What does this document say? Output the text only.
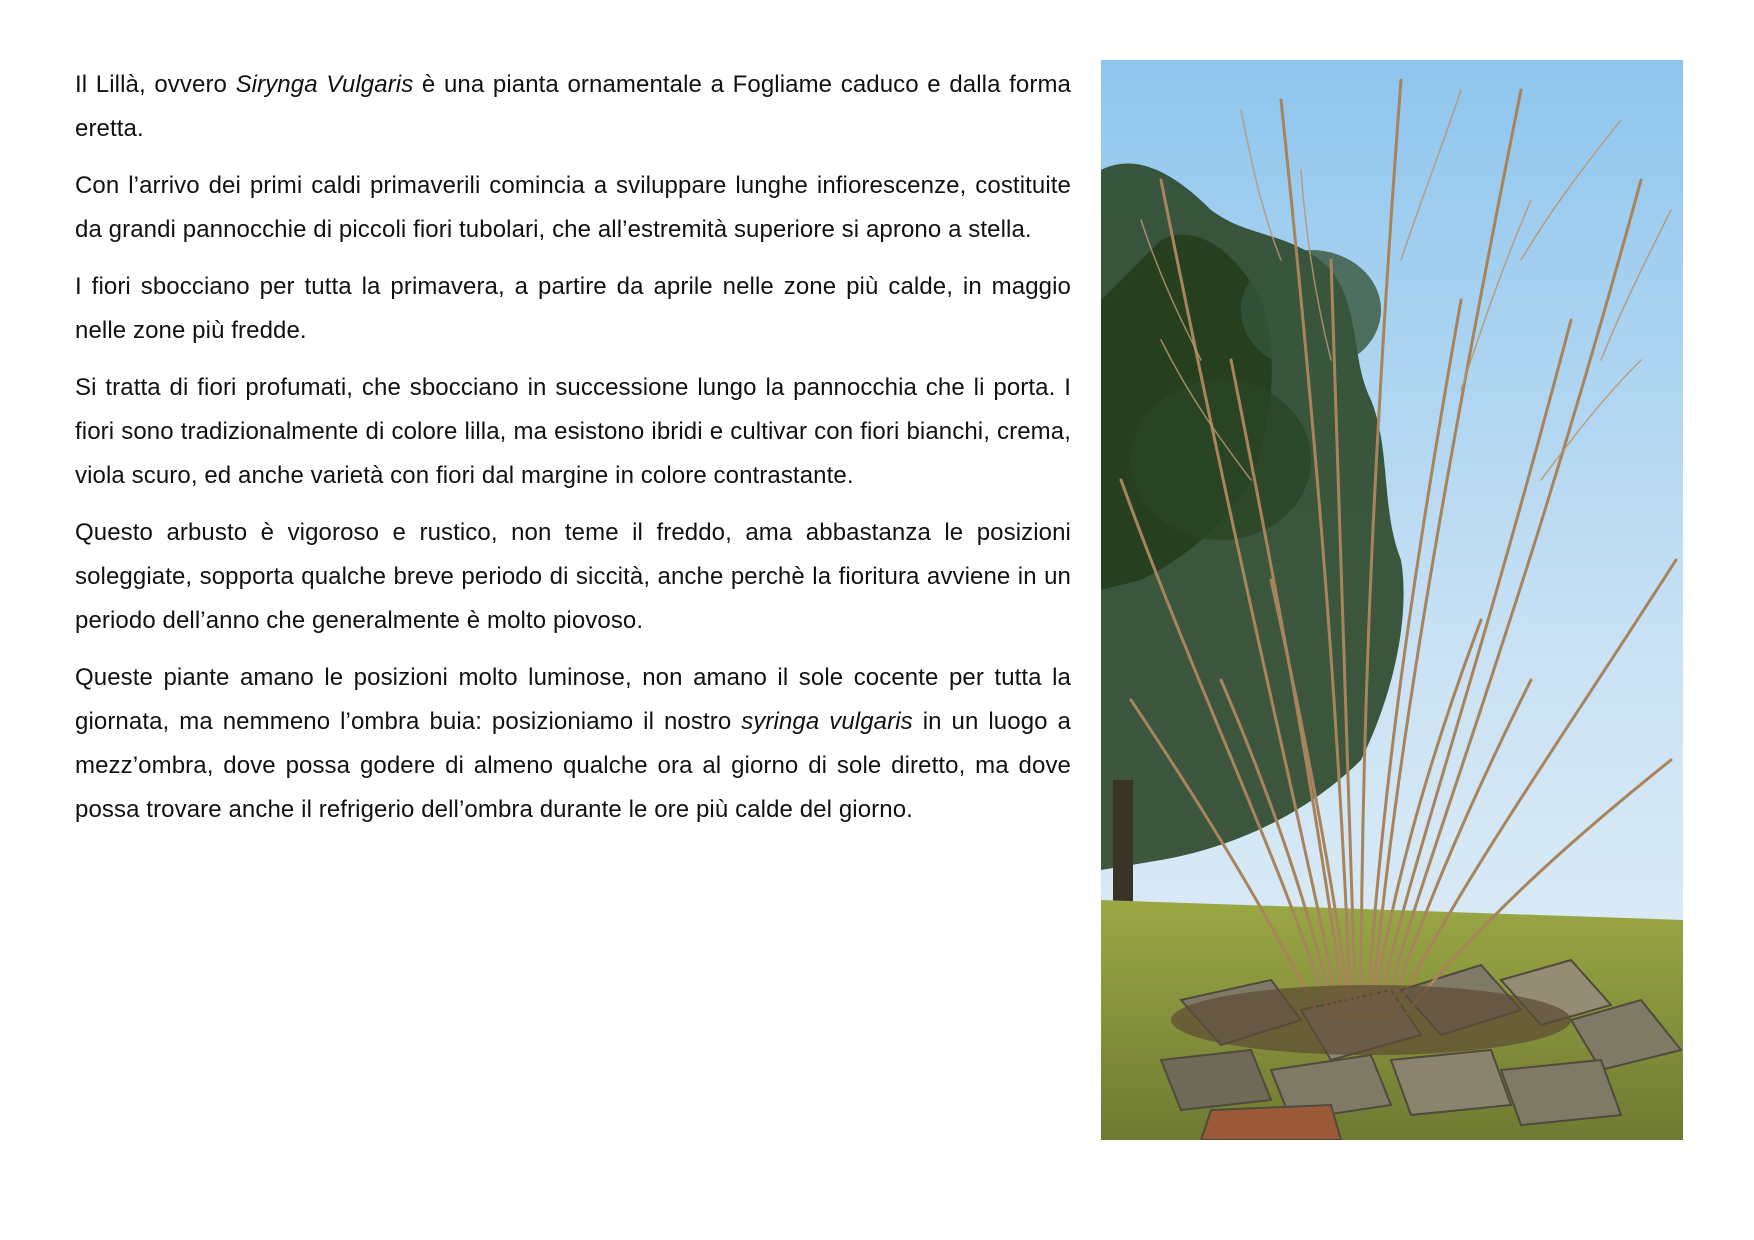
Il Lillà, ovvero Sirynga Vulgaris è una pianta ornamentale a Fogliame caduco e dalla forma eretta.

Con l’arrivo dei primi caldi primaverili comincia a sviluppare lunghe infiorescenze, costituite da grandi pannocchie di piccoli fiori tubolari, che all’estremità superiore si aprono a stella.

I fiori sbocciano per tutta la primavera, a partire da aprile nelle zone più calde, in maggio nelle zone più fredde.

Si tratta di fiori profumati, che sbocciano in successione lungo la pannocchia che li porta. I fiori sono tradizionalmente di colore lilla, ma esistono ibridi e cultivar con fiori bianchi, crema, viola scuro, ed anche varietà con fiori dal margine in colore contrastante.

Questo arbusto è vigoroso e rustico, non teme il freddo, ama abbastanza le posizioni soleggiate, sopporta qualche breve periodo di siccità, anche perchè la fioritura avviene in un periodo dell’anno che generalmente è molto piovoso.

Queste piante amano le posizioni molto luminose, non amano il sole cocente per tutta la giornata, ma nemmeno l’ombra buia: posizioniamo il nostro syringa vulgaris in un luogo a mezz’ombra, dove possa godere di almeno qualche ora al giorno di sole diretto, ma dove possa trovare anche il refrigerio dell’ombra durante le ore più calde del giorno.
